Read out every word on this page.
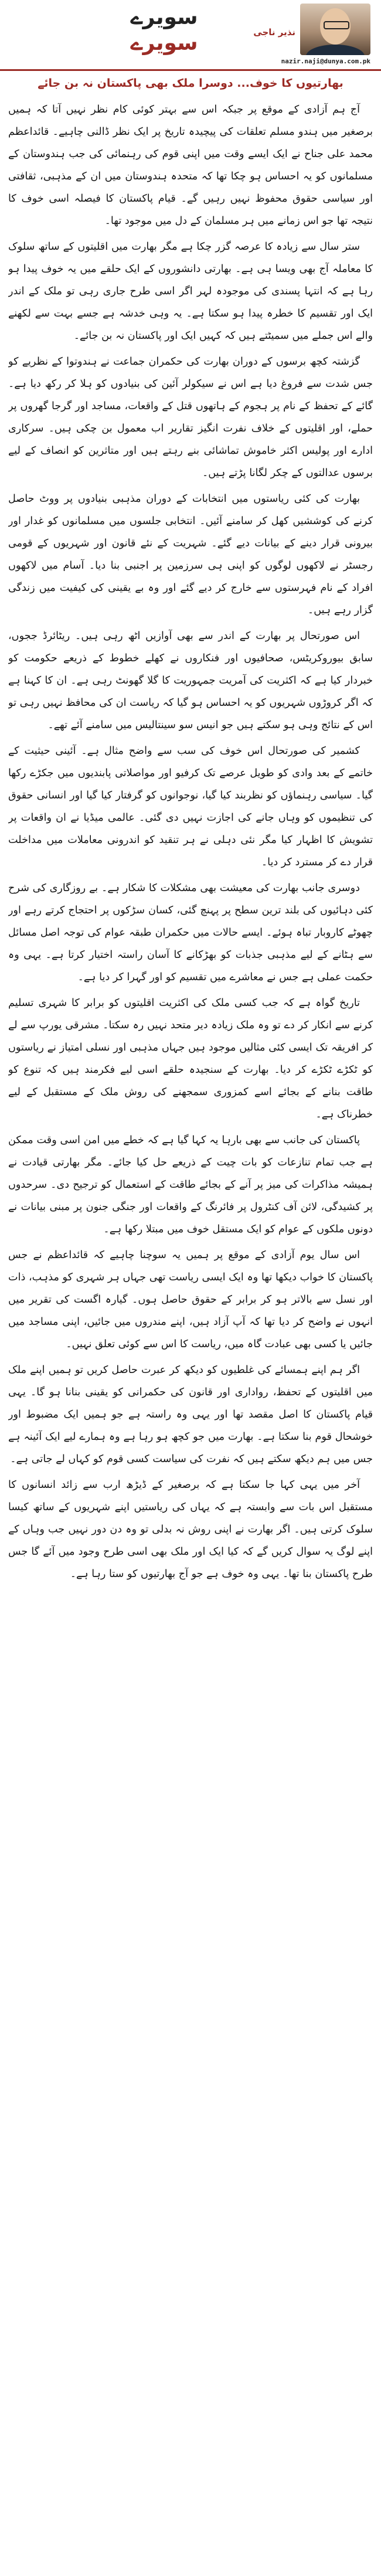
سویرے
سویرے	نذیر ناجی
nazir.naji@dunya.com.pk
بھارتیوں کا خوف... دوسرا ملک بھی پاکستان نہ بن جائے

آج ہم آزادی کے موقع پر جبکہ اس سے بہتر کوئی کام نظر نہیں آتا کہ ہمیں برصغیر میں ہندو مسلم تعلقات کی پیچیدہ تاریخ پر ایک نظر ڈالنی چاہیے۔ قائداعظم محمد علی جناح نے ایک ایسے وقت میں اپنی قوم کی رہنمائی کی جب ہندوستان کے مسلمانوں کو یہ احساس ہو چکا تھا کہ متحدہ ہندوستان میں ان کے مذہبی، ثقافتی اور سیاسی حقوق محفوظ نہیں رہیں گے۔ قیام پاکستان کا فیصلہ اسی خوف کا نتیجہ تھا جو اس زمانے میں ہر مسلمان کے دل میں موجود تھا۔

ستر سال سے زیادہ کا عرصہ گزر چکا ہے مگر بھارت میں اقلیتوں کے ساتھ سلوک کا معاملہ آج بھی ویسا ہی ہے۔ بھارتی دانشوروں کے ایک حلقے میں یہ خوف پیدا ہو رہا ہے کہ انتہا پسندی کی موجودہ لہر اگر اسی طرح جاری رہی تو ملک کے اندر ایک اور تقسیم کا خطرہ پیدا ہو سکتا ہے۔ یہ وہی خدشہ ہے جسے بہت سے لکھنے والے اس جملے میں سمیٹتے ہیں کہ کہیں ایک اور پاکستان نہ بن جائے۔

گزشتہ کچھ برسوں کے دوران بھارت کی حکمران جماعت نے ہندوتوا کے نظریے کو جس شدت سے فروغ دیا ہے اس نے سیکولر آئین کی بنیادوں کو ہلا کر رکھ دیا ہے۔ گائے کے تحفظ کے نام پر ہجوم کے ہاتھوں قتل کے واقعات، مساجد اور گرجا گھروں پر حملے، اور اقلیتوں کے خلاف نفرت انگیز تقاریر اب معمول بن چکی ہیں۔ سرکاری ادارے اور پولیس اکثر خاموش تماشائی بنے رہتے ہیں اور متاثرین کو انصاف کے لیے برسوں عدالتوں کے چکر لگانا پڑتے ہیں۔

بھارت کی کئی ریاستوں میں انتخابات کے دوران مذہبی بنیادوں پر ووٹ حاصل کرنے کی کوششیں کھل کر سامنے آئیں۔ انتخابی جلسوں میں مسلمانوں کو غدار اور بیرونی قرار دینے کے بیانات دیے گئے۔ شہریت کے نئے قانون اور شہریوں کے قومی رجسٹر نے لاکھوں لوگوں کو اپنی ہی سرزمین پر اجنبی بنا دیا۔ آسام میں لاکھوں افراد کے نام فہرستوں سے خارج کر دیے گئے اور وہ بے یقینی کی کیفیت میں زندگی گزار رہے ہیں۔

اس صورتحال پر بھارت کے اندر سے بھی آوازیں اٹھ رہی ہیں۔ ریٹائرڈ ججوں، سابق بیوروکریٹس، صحافیوں اور فنکاروں نے کھلے خطوط کے ذریعے حکومت کو خبردار کیا ہے کہ اکثریت کی آمریت جمہوریت کا گلا گھونٹ رہی ہے۔ ان کا کہنا ہے کہ اگر کروڑوں شہریوں کو یہ احساس ہو گیا کہ ریاست ان کی محافظ نہیں رہی تو اس کے نتائج وہی ہو سکتے ہیں جو انیس سو سینتالیس میں سامنے آئے تھے۔

کشمیر کی صورتحال اس خوف کی سب سے واضح مثال ہے۔ آئینی حیثیت کے خاتمے کے بعد وادی کو طویل عرصے تک کرفیو اور مواصلاتی پابندیوں میں جکڑے رکھا گیا۔ سیاسی رہنماؤں کو نظربند کیا گیا، نوجوانوں کو گرفتار کیا گیا اور انسانی حقوق کی تنظیموں کو وہاں جانے کی اجازت نہیں دی گئی۔ عالمی میڈیا نے ان واقعات پر تشویش کا اظہار کیا مگر نئی دہلی نے ہر تنقید کو اندرونی معاملات میں مداخلت قرار دے کر مسترد کر دیا۔

دوسری جانب بھارت کی معیشت بھی مشکلات کا شکار ہے۔ بے روزگاری کی شرح کئی دہائیوں کی بلند ترین سطح پر پہنچ گئی، کسان سڑکوں پر احتجاج کرتے رہے اور چھوٹے کاروبار تباہ ہوئے۔ ایسے حالات میں حکمران طبقہ عوام کی توجہ اصل مسائل سے ہٹانے کے لیے مذہبی جذبات کو بھڑکانے کا آسان راستہ اختیار کرتا ہے۔ یہی وہ حکمت عملی ہے جس نے معاشرے میں تقسیم کو اور گہرا کر دیا ہے۔

تاریخ گواہ ہے کہ جب کسی ملک کی اکثریت اقلیتوں کو برابر کا شہری تسلیم کرنے سے انکار کر دے تو وہ ملک زیادہ دیر متحد نہیں رہ سکتا۔ مشرقی یورپ سے لے کر افریقہ تک ایسی کئی مثالیں موجود ہیں جہاں مذہبی اور نسلی امتیاز نے ریاستوں کو ٹکڑے ٹکڑے کر دیا۔ بھارت کے سنجیدہ حلقے اسی لیے فکرمند ہیں کہ تنوع کو طاقت بنانے کے بجائے اسے کمزوری سمجھنے کی روش ملک کے مستقبل کے لیے خطرناک ہے۔

پاکستان کی جانب سے بھی بارہا یہ کہا گیا ہے کہ خطے میں امن اسی وقت ممکن ہے جب تمام تنازعات کو بات چیت کے ذریعے حل کیا جائے۔ مگر بھارتی قیادت نے ہمیشہ مذاکرات کی میز پر آنے کے بجائے طاقت کے استعمال کو ترجیح دی۔ سرحدوں پر کشیدگی، لائن آف کنٹرول پر فائرنگ کے واقعات اور جنگی جنون پر مبنی بیانات نے دونوں ملکوں کے عوام کو ایک مستقل خوف میں مبتلا رکھا ہے۔

اس سال یوم آزادی کے موقع پر ہمیں یہ سوچنا چاہیے کہ قائداعظم نے جس پاکستان کا خواب دیکھا تھا وہ ایک ایسی ریاست تھی جہاں ہر شہری کو مذہب، ذات اور نسل سے بالاتر ہو کر برابر کے حقوق حاصل ہوں۔ گیارہ اگست کی تقریر میں انہوں نے واضح کر دیا تھا کہ آپ آزاد ہیں، اپنے مندروں میں جائیں، اپنی مساجد میں جائیں یا کسی بھی عبادت گاہ میں، ریاست کا اس سے کوئی تعلق نہیں۔

اگر ہم اپنے ہمسائے کی غلطیوں کو دیکھ کر عبرت حاصل کریں تو ہمیں اپنے ملک میں اقلیتوں کے تحفظ، رواداری اور قانون کی حکمرانی کو یقینی بنانا ہو گا۔ یہی قیام پاکستان کا اصل مقصد تھا اور یہی وہ راستہ ہے جو ہمیں ایک مضبوط اور خوشحال قوم بنا سکتا ہے۔ بھارت میں جو کچھ ہو رہا ہے وہ ہمارے لیے ایک آئینہ ہے جس میں ہم دیکھ سکتے ہیں کہ نفرت کی سیاست کسی قوم کو کہاں لے جاتی ہے۔

آخر میں یہی کہا جا سکتا ہے کہ برصغیر کے ڈیڑھ ارب سے زائد انسانوں کا مستقبل اس بات سے وابستہ ہے کہ یہاں کی ریاستیں اپنے شہریوں کے ساتھ کیسا سلوک کرتی ہیں۔ اگر بھارت نے اپنی روش نہ بدلی تو وہ دن دور نہیں جب وہاں کے اپنے لوگ یہ سوال کریں گے کہ کیا ایک اور ملک بھی اسی طرح وجود میں آئے گا جس طرح پاکستان بنا تھا۔ یہی وہ خوف ہے جو آج بھارتیوں کو ستا رہا ہے۔
